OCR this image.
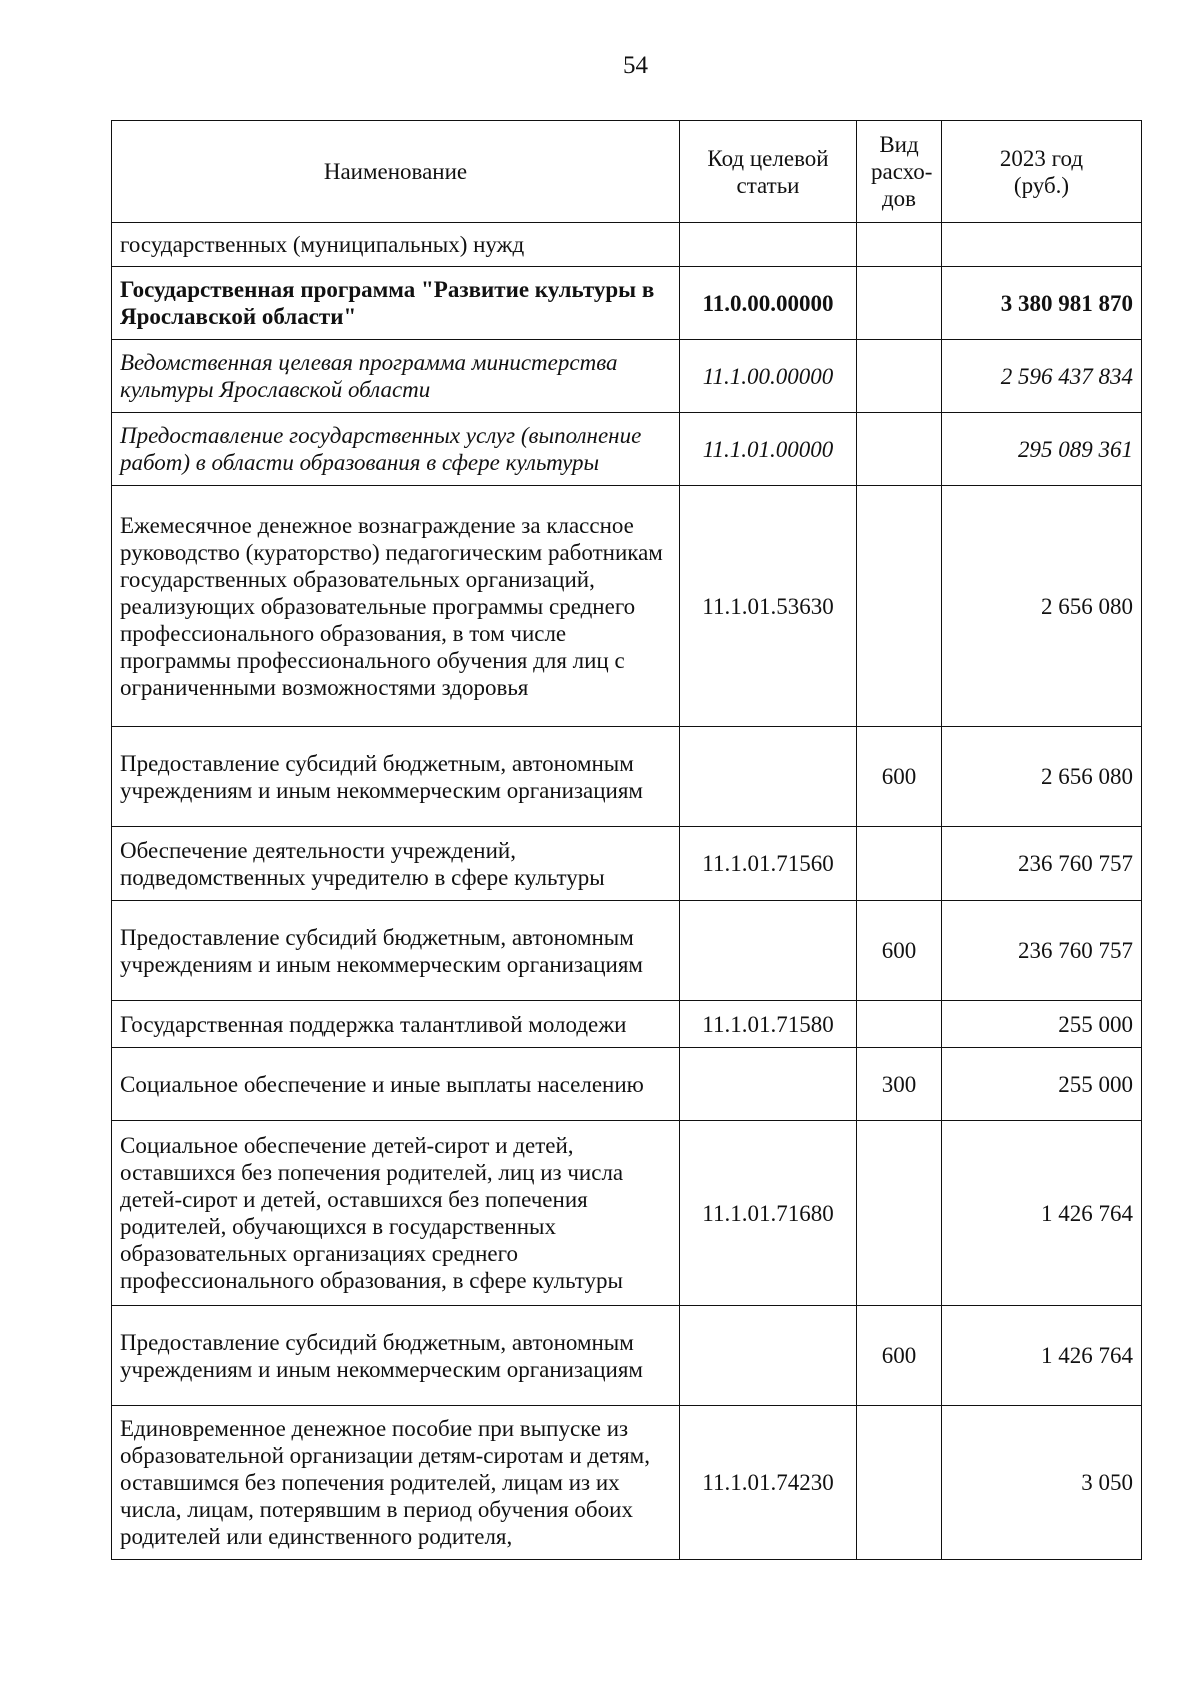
54
Наименование	Код целевой статьи	Вид расхо-дов	2023 год (руб.)
государственных (муниципальных) нужд			
Государственная программа "Развитие культуры в Ярославской области"	11.0.00.00000		3 380 981 870
Ведомственная целевая программа министерства культуры Ярославской области	11.1.00.00000		2 596 437 834
Предоставление государственных услуг (выполнение работ) в области образования в сфере культуры	11.1.01.00000		295 089 361
Ежемесячное денежное вознаграждение за классное руководство (кураторство) педагогическим работникам государственных образовательных организаций, реализующих образовательные программы среднего профессионального образования, в том числе программы профессионального обучения для лиц с ограниченными возможностями здоровья	11.1.01.53630		2 656 080
Предоставление субсидий бюджетным, автономным учреждениям и иным некоммерческим организациям		600	2 656 080
Обеспечение деятельности учреждений, подведомственных учредителю в сфере культуры	11.1.01.71560		236 760 757
Предоставление субсидий бюджетным, автономным учреждениям и иным некоммерческим организациям		600	236 760 757
Государственная поддержка талантливой молодежи	11.1.01.71580		255 000
Социальное обеспечение и иные выплаты населению		300	255 000
Социальное обеспечение детей-сирот и детей, оставшихся без попечения родителей, лиц из числа детей-сирот и детей, оставшихся без попечения родителей, обучающихся в государственных образовательных организациях среднего профессионального образования, в сфере культуры	11.1.01.71680		1 426 764
Предоставление субсидий бюджетным, автономным учреждениям и иным некоммерческим организациям		600	1 426 764
Единовременное денежное пособие при выпуске из образовательной организации детям-сиротам и детям, оставшимся без попечения родителей, лицам из их числа, лицам, потерявшим в период обучения обоих родителей или единственного родителя,	11.1.01.74230		3 050
